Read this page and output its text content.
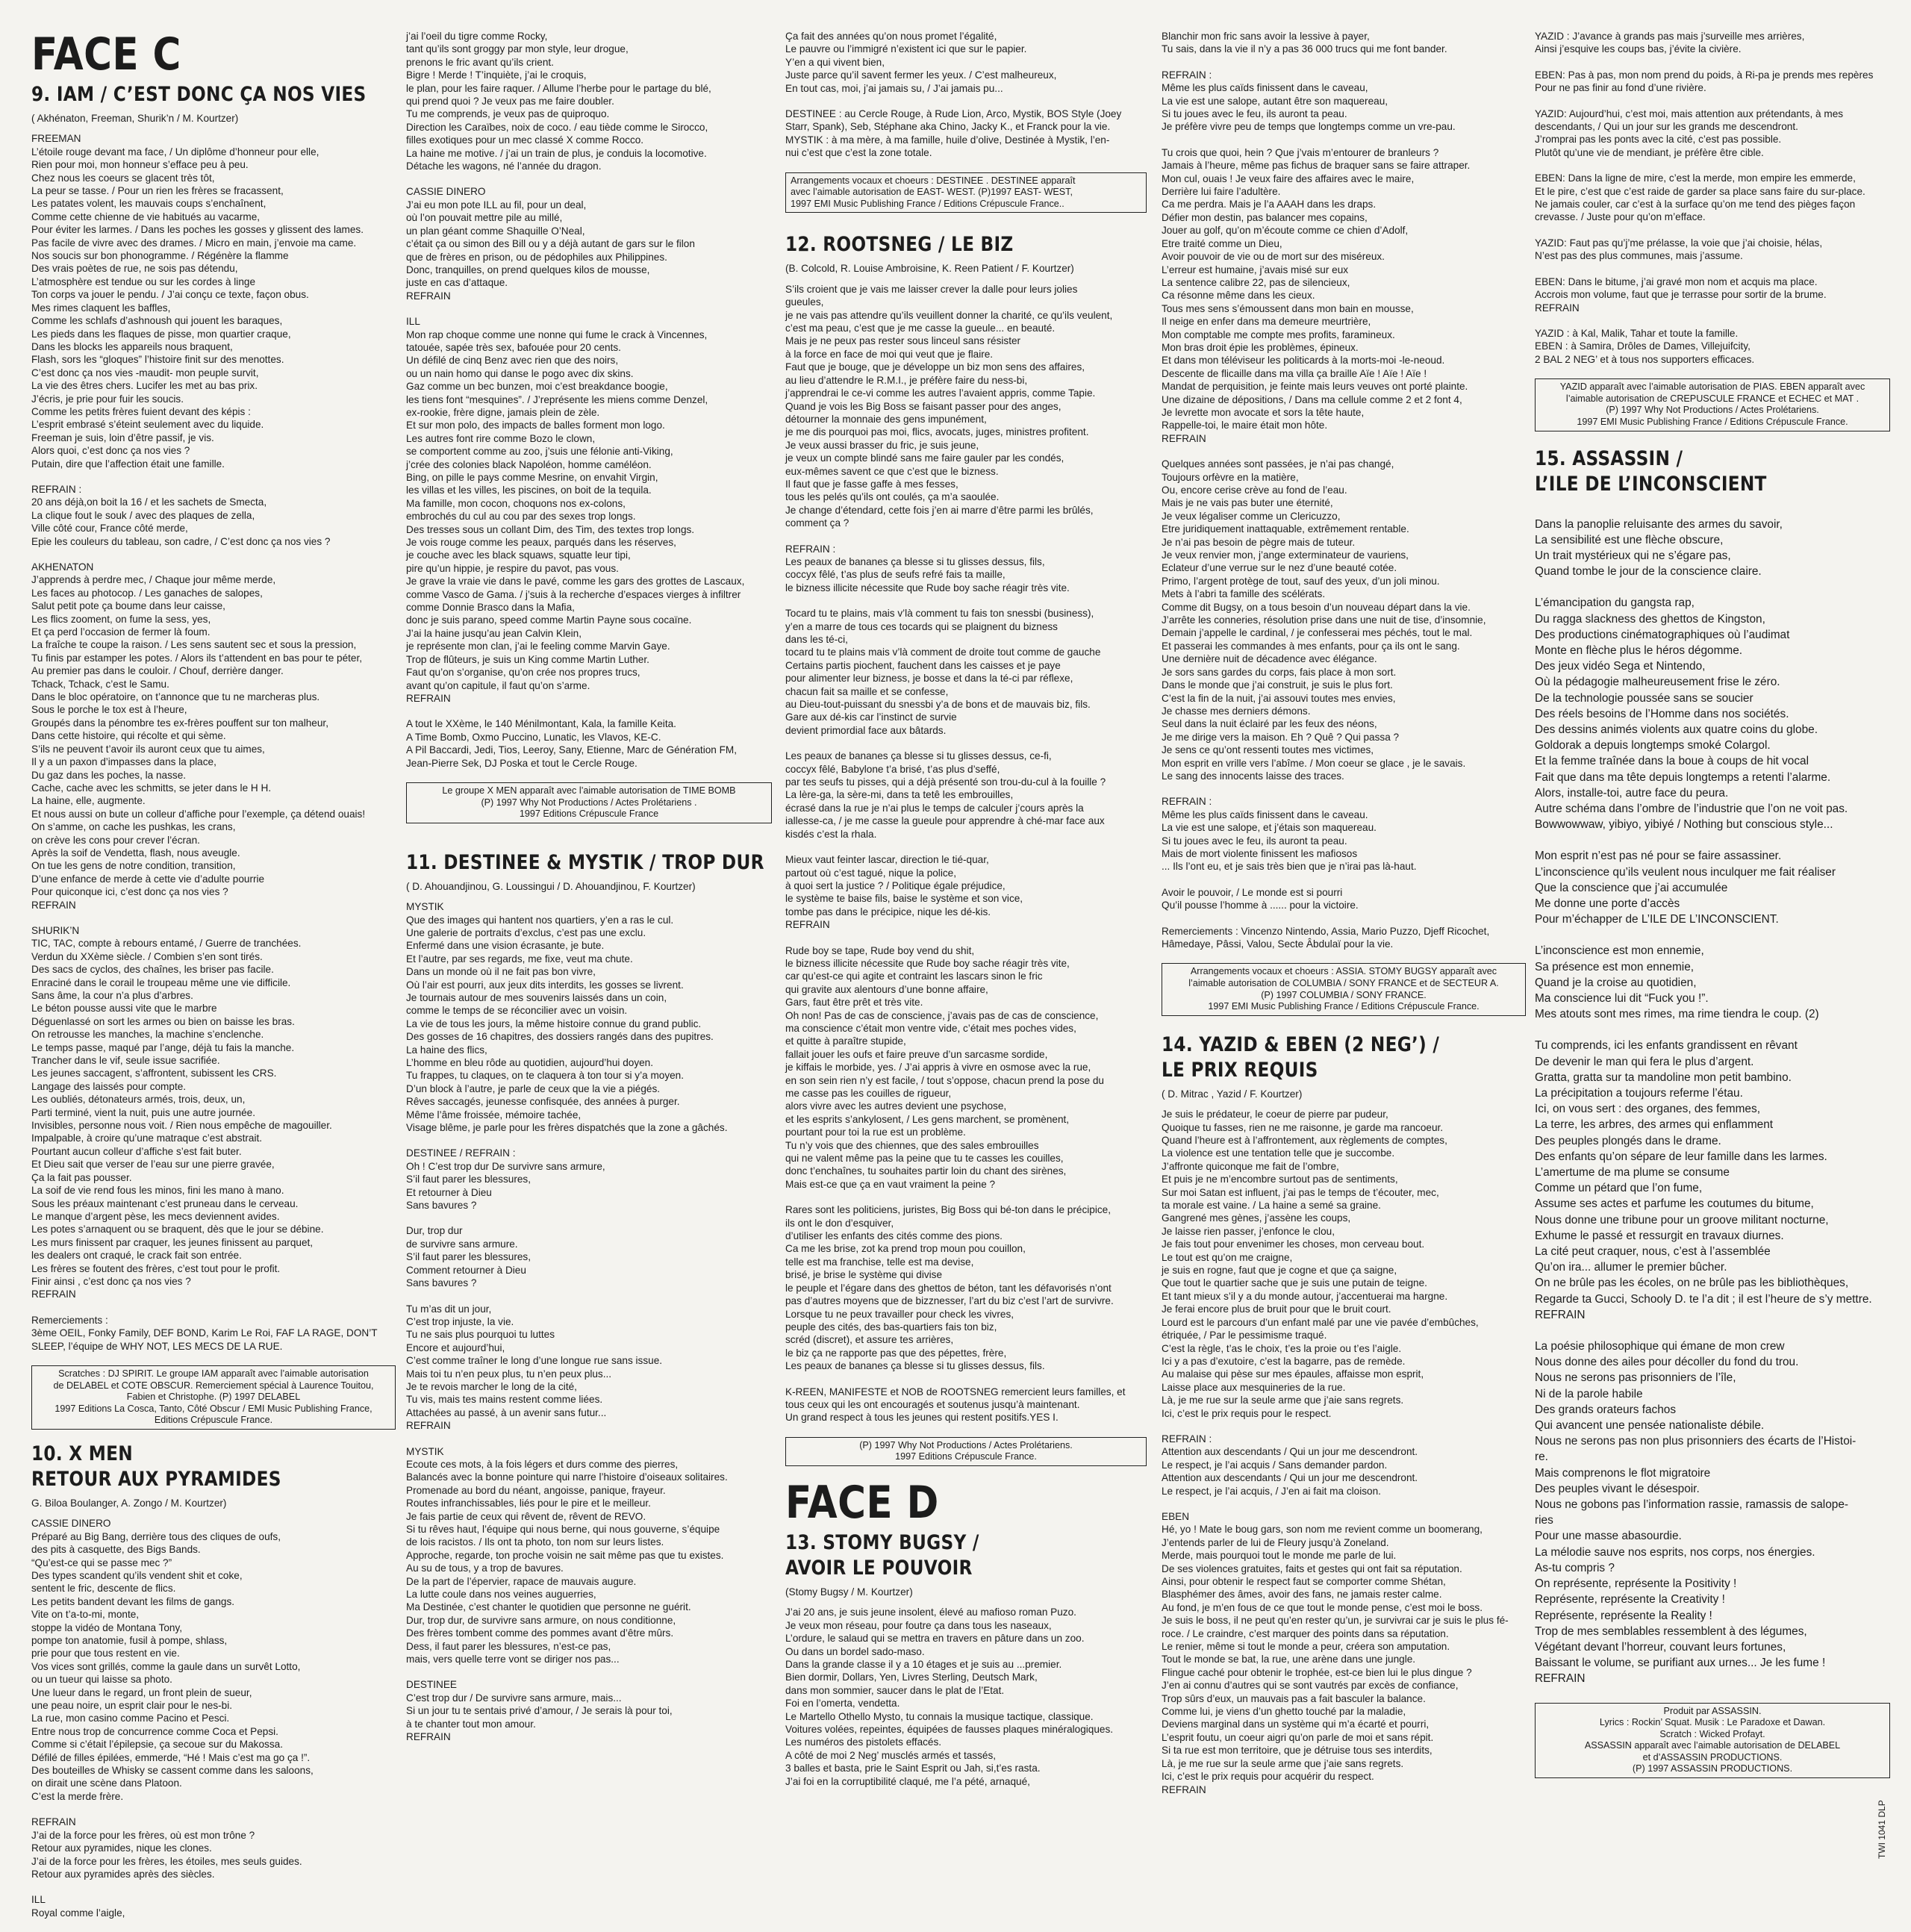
FACE C
9. IAM / C’EST DONC ÇA NOS VIES
( Akhénaton, Freeman, Shurik’n / M. Kourtzer)
FREEMAN
L’étoile rouge devant ma face, / Un diplôme d’honneur pour elle,
Rien pour moi, mon honneur s’efface peu à peu.
Chez nous les coeurs se glacent très tôt,
La peur se tasse. / Pour un rien les frères se fracassent,
Les patates volent, les mauvais coups s’enchaînent,
Comme cette chienne de vie habitués au vacarme,
Pour éviter les larmes. / Dans les poches les gosses y glissent des lames.
Pas facile de vivre avec des drames. / Micro en main, j’envoie ma came.
Nos soucis sur bon phonogramme. / Régénère la flamme
Des vrais poètes de rue, ne sois pas détendu,
L’atmosphère est tendue ou sur les cordes à linge
Ton corps va jouer le pendu. / J’ai conçu ce texte, façon obus.
Mes rimes claquent les baffles,
Comme les schlafs d’ashnoush qui jouent les baraques,
Les pieds dans les flaques de pisse, mon quartier craque,
Dans les blocks les appareils nous braquent,
Flash, sors les “gloques” l’histoire finit sur des menottes.
C’est donc ça nos vies -maudit- mon peuple survit,
La vie des êtres chers. Lucifer les met au bas prix.
J’écris, je prie pour fuir les soucis.
Comme les petits frères fuient devant des képis :
L’esprit embrasé s’éteint seulement avec du liquide.
Freeman je suis, loin d’être passif, je vis.
Alors quoi, c’est donc ça nos vies ?
Putain, dire que l’affection était une famille.
REFRAIN :
20 ans déjà,on boit la 16 / et les sachets de Smecta,
La clique fout le souk / avec des plaques de zella,
Ville côté cour, France côté merde,
Epie les couleurs du tableau, son cadre, / C’est donc ça nos vies ?
AKHENATON
J’apprends à perdre mec, / Chaque jour même merde,
Les faces au photocop. / Les ganaches de salopes,
Salut petit pote ça boume dans leur caisse,
Les flics zooment, on fume la sess, yes,
Et ça perd l’occasion de fermer là foum.
La fraîche te coupe la raison. / Les sens sautent sec et sous la pression,
Tu finis par estamper les potes. / Alors ils t’attendent en bas pour te péter,
Au premier pas dans le couloir. / Chouf, derrière danger.
Tchack, Tchack, c’est le Samu.
Dans le bloc opératoire, on t’annonce que tu ne marcheras plus.
Sous le porche le tox est à l’heure,
Groupés dans la pénombre tes ex-frères pouffent sur ton malheur,
Dans cette histoire, qui récolte et qui sème.
S’ils ne peuvent t’avoir ils auront ceux que tu aimes,
Il y a un paxon d’impasses dans la place,
Du gaz dans les poches, la nasse.
Cache, cache avec les schmitts, se jeter dans le H H.
La haine, elle, augmente.
Et nous aussi on bute un colleur d’affiche pour l’exemple, ça détend ouais!
On s’amme, on cache les pushkas, les crans,
on crève les cons pour crever l’écran.
Après la soif de Vendetta, flash, nous aveugle.
On tue les gens de notre condition, transition,
D’une enfance de merde à cette vie d’adulte pourrie
Pour quiconque ici, c’est donc ça nos vies ?
REFRAIN
SHURIK’N
TIC, TAC, compte à rebours entamé, / Guerre de tranchées.
Verdun du XXème siècle. / Combien s’en sont tirés.
Des sacs de cyclos, des chaînes, les briser pas facile.
Enraciné dans le corail le troupeau même une vie difficile.
Sans âme, la cour n’a plus d’arbres.
Le béton pousse aussi vite que le marbre
Déguenlassé on sort les armes ou bien on baisse les bras.
On retrousse les manches, la machine s’enclenche.
Le temps passe, maqué par l’ange, déjà tu fais la manche.
Trancher dans le vif, seule issue sacrifiée.
Les jeunes saccagent, s’affrontent, subissent les CRS.
Langage des laissés pour compte.
Les oubliés, détonateurs armés, trois, deux, un,
Parti terminé, vient la nuit, puis une autre journée.
Invisibles, personne nous voit. / Rien nous empêche de magouiller.
Impalpable, à croire qu’une matraque c’est abstrait.
Pourtant aucun colleur d’affiche s’est fait buter.
Et Dieu sait que verser de l’eau sur une pierre gravée,
Ça la fait pas pousser.
La soif de vie rend fous les minos, fini les mano à mano.
Sous les préaux maintenant c’est pruneau dans le cerveau.
Le manque d’argent pèse, les mecs deviennent avides.
Les potes s’arnaquent ou se braquent, dès que le jour se débine.
Les murs finissent par craquer, les jeunes finissent au parquet,
les dealers ont craqué, le crack fait son entrée.
Les frères se foutent des frères, c’est tout pour le profit.
Finir ainsi , c’est donc ça nos vies ?
REFRAIN
Remerciements :
3ème OEIL, Fonky Family, DEF BOND, Karim Le Roi, FAF LA RAGE, DON’T
SLEEP, l’équipe de WHY NOT, LES MECS DE LA RUE.
Scratches : DJ SPIRIT. Le groupe IAM apparaît avec l’aimable autorisation
de DELABEL et COTE OBSCUR. Remerciement spécial à Laurence Touitou,
Fabien et Christophe. (P) 1997 DELABEL
1997 Editions La Cosca, Tanto, Côté Obscur / EMI Music Publishing France,
Editions Crépuscule France.
10. X MEN
RETOUR AUX PYRAMIDES
G. Biloa Boulanger, A. Zongo / M. Kourtzer)
CASSIE DINERO
Préparé au Big Bang, derrière tous des cliques de oufs,
des pits à casquette, des Bigs Bands.
“Qu’est-ce qui se passe mec ?”
Des types scandent qu’ils vendent shit et coke,
sentent le fric, descente de flics.
Les petits bandent devant les films de gangs.
Vite on t’a-to-mi, monte,
stoppe la vidéo de Montana Tony,
pompe ton anatomie, fusil à pompe, shlass,
prie pour que tous restent en vie.
Vos vices sont grillés, comme la gaule dans un survêt Lotto,
ou un tueur qui laisse sa photo.
Une lueur dans le regard, un front plein de sueur,
une peau noire, un esprit clair pour le nes-bi.
La rue, mon casino comme Pacino et Pesci.
Entre nous trop de concurrence comme Coca et Pepsi.
Comme si c’était l’épilepsie, ça secoue sur du Makossa.
Défilé de filles épilées, emmerde, “Hé ! Mais c’est ma go ça !”.
Des bouteilles de Whisky se cassent comme dans les saloons,
on dirait une scène dans Platoon.
C’est la merde frère.
REFRAIN
J’ai de la force pour les frères, où est mon trône ?
Retour aux pyramides, nique les clones.
J’ai de la force pour les frères, les étoiles, mes seuls guides.
Retour aux pyramides après des siècles.
ILL
Royal comme l’aigle,
j’ai l’oeil du tigre comme Rocky,
tant qu’ils sont groggy par mon style, leur drogue,
prenons le fric avant qu’ils crient.
Bigre ! Merde ! T’inquiète, j’ai le croquis,
le plan, pour les faire raquer. / Allume l’herbe pour le partage du blé,
qui prend quoi ? Je veux pas me faire doubler.
Tu me comprends, je veux pas de quiproquo.
Direction les Caraïbes, noix de coco. / eau tiède comme le Sirocco,
filles exotiques pour un mec classé X comme Rocco.
La haine me motive. / j’ai un train de plus, je conduis la locomotive.
Détache les wagons, né l’année du dragon.
CASSIE DINERO
J’ai eu mon pote ILL au fil, pour un deal,
où l’on pouvait mettre pile au millé,
un plan géant comme Shaquille O’Neal,
c’était ça ou simon des Bill ou y a déjà autant de gars sur le filon
que de frères en prison, ou de pédophiles aux Philippines.
Donc, tranquilles, on prend quelques kilos de mousse,
juste en cas d’attaque.
REFRAIN
ILL
Mon rap choque comme une nonne qui fume le crack à Vincennes,
tatouée, sapée très sex, bafouée pour 20 cents.
Un défilé de cinq Benz avec rien que des noirs,
ou un nain homo qui danse le pogo avec dix skins.
Gaz comme un bec bunzen, moi c’est breakdance boogie,
les tiens font “mesquines”. / J’représente les miens comme Denzel,
ex-rookie, frère digne, jamais plein de zèle.
Et sur mon polo, des impacts de balles forment mon logo.
Les autres font rire comme Bozo le clown,
se comportent comme au zoo, j’suis une félonie anti-Viking,
j’crée des colonies black Napoléon, homme caméléon.
Bing, on pille le pays comme Mesrine, on envahit Virgin,
les villas et les villes, les piscines, on boit de la tequila.
Ma famille, mon cocon, choquons nos ex-colons,
embrochés du cul au cou par des sexes trop longs.
Des tresses sous un collant Dim, des Tim, des textes trop longs.
Je vois rouge comme les peaux, parqués dans les réserves,
je couche avec les black squaws, squatte leur tipi,
pire qu’un hippie, je respire du pavot, pas vous.
Je grave la vraie vie dans le pavé, comme les gars des grottes de Lascaux,
comme Vasco de Gama. / j’suis à la recherche d’espaces vierges à infiltrer
comme Donnie Brasco dans la Mafia,
donc je suis parano, speed comme Martin Payne sous cocaïne.
J’ai la haine jusqu’au jean Calvin Klein,
je représente mon clan, j’ai le feeling comme Marvin Gaye.
Trop de flûteurs, je suis un King comme Martin Luther.
Faut qu’on s’organise, qu’on crée nos propres trucs,
avant qu’on capitule, il faut qu’on s’arme.
REFRAIN
A tout le XXème, le 140 Ménilmontant, Kala, la famille Keita.
A Time Bomb, Oxmo Puccino, Lunatic, les Vlavos, KE-C.
A Pil Baccardi, Jedi, Tios, Leeroy, Sany, Etienne, Marc de Génération FM,
Jean-Pierre Sek, DJ Poska et tout le Cercle Rouge.
Le groupe X MEN apparaît avec l’aimable autorisation de TIME BOMB
(P) 1997 Why Not Productions / Actes Prolétariens .
1997 Editions Crépuscule France
11. DESTINEE & MYSTIK / TROP DUR
( D. Ahouandjinou, G. Loussingui / D. Ahouandjinou, F. Kourtzer)
MYSTIK
Que des images qui hantent nos quartiers, y’en a ras le cul.
Une galerie de portraits d’exclus, c’est pas une exclu.
Enfermé dans une vision écrasante, je bute.
Et l’autre, par ses regards, me fixe, veut ma chute.
Dans un monde où il ne fait pas bon vivre,
Où l’air est pourri, aux jeux dits interdits, les gosses se livrent.
Je tournais autour de mes souvenirs laissés dans un coin,
comme le temps de se réconcilier avec un voisin.
La vie de tous les jours, la même histoire connue du grand public.
Des gosses de 16 chapitres, des dossiers rangés dans des pupitres.
La haine des flics,
L’homme en bleu rôde au quotidien, aujourd’hui doyen.
Tu frappes, tu claques, on te claquera à ton tour si y’a moyen.
D’un block à l’autre, je parle de ceux que la vie a piégés.
Rêves saccagés, jeunesse confisquée, des années à purger.
Même l’âme froissée, mémoire tachée,
Visage blême, je parle pour les frères dispatchés que la zone a gâchés.
DESTINEE / REFRAIN :
Oh ! C’est trop dur De survivre sans armure,
S’il faut parer les blessures,
Et retourner à Dieu
Sans bavures ?
Dur, trop dur
de survivre sans armure.
S’il faut parer les blessures,
Comment retourner à Dieu
Sans bavures ?
Tu m’as dit un jour,
C’est trop injuste, la vie.
Tu ne sais plus pourquoi tu luttes
Encore et aujourd’hui,
C’est comme traîner le long d’une longue rue sans issue.
Mais toi tu n’en peux plus, tu n’en peux plus...
Je te revois marcher le long de la cité,
Tu vis, mais tes mains restent comme liées.
Attachées au passé, à un avenir sans futur...
REFRAIN
MYSTIK
Ecoute ces mots, à la fois légers et durs comme des pierres,
Balancés avec la bonne pointure qui narre l’histoire d’oiseaux solitaires.
Promenade au bord du néant, angoisse, panique, frayeur.
Routes infranchissables, liés pour le pire et le meilleur.
Je fais partie de ceux qui rêvent de, rêvent de REVO.
Si tu rêves haut, l’équipe qui nous berne, qui nous gouverne, s’équipe
de lois racistos. / Ils ont ta photo, ton nom sur leurs listes.
Approche, regarde, ton proche voisin ne sait même pas que tu existes.
Au su de tous, y a trop de bavures.
De la part de l’épervier, rapace de mauvais augure.
La lutte coule dans nos veines auguerries,
Ma Destinée, c’est chanter le quotidien que personne ne guérit.
Dur, trop dur, de survivre sans armure, on nous conditionne,
Des frères tombent comme des pommes avant d’être mûrs.
Dess, il faut parer les blessures, n’est-ce pas,
mais, vers quelle terre vont se diriger nos pas...
DESTINEE
C’est trop dur / De survivre sans armure, mais...
Si un jour tu te sentais privé d’amour, / Je serais là pour toi,
à te chanter tout mon amour.
REFRAIN
Ça fait des années qu’on nous promet l’égalité,
Le pauvre ou l’immigré n’existent ici que sur le papier.
Y’en a qui vivent bien,
Juste parce qu’il savent fermer les yeux. / C’est malheureux,
En tout cas, moi, j’ai jamais su, / J’ai jamais pu...
DESTINEE : au Cercle Rouge, à Rude Lion, Arco, Mystik, BOS Style (Joey
Starr, Spank), Seb, Stéphane aka Chino, Jacky K., et Franck pour la vie.
MYSTIK : à ma mère, à ma famille, huile d’olive, Destinée à Mystik, l’en-
nui c’est que c’est la zone totale.
Arrangements vocaux et choeurs : DESTINEE . DESTINEE apparaît
avec l’aimable autorisation de EAST- WEST. (P)1997 EAST- WEST,
1997 EMI Music Publishing France / Editions Crépuscule France..
12. ROOTSNEG / LE BIZ
(B. Colcold, R. Louise Ambroisine, K. Reen Patient / F. Kourtzer)
S’ils croient que je vais me laisser crever la dalle pour leurs jolies
gueules,
je ne vais pas attendre qu’ils veuillent donner la charité, ce qu’ils veulent,
c’est ma peau, c’est que je me casse la gueule... en beauté.
Mais je ne peux pas rester sous linceul sans résister
à la force en face de moi qui veut que je flaire.
Faut que je bouge, que je développe un biz mon sens des affaires,
au lieu d’attendre le R.M.I., je préfère faire du ness-bi,
j’apprendrai le ce-vi comme les autres l’avaient appris, comme Tapie.
Quand je vois les Big Boss se faisant passer pour des anges,
détourner la monnaie des gens impunément,
je me dis pourquoi pas moi, flics, avocats, juges, ministres profitent.
Je veux aussi brasser du fric, je suis jeune,
je veux un compte blindé sans me faire gauler par les condés,
eux-mêmes savent ce que c’est que le bizness.
Il faut que je fasse gaffe à mes fesses,
tous les pelés qu’ils ont coulés, ça m’a saoulée.
Je change d’étendard, cette fois j’en ai marre d’être parmi les brûlés,
comment ça ?
REFRAIN :
Les peaux de bananes ça blesse si tu glisses dessus, fils,
coccyx fêlé, t’as plus de seufs refré fais ta maille,
le bizness illicite nécessite que Rude boy sache réagir très vite.
Tocard tu te plains, mais v’là comment tu fais ton snessbi (business),
y’en a marre de tous ces tocards qui se plaignent du bizness
dans les té-ci,
tocard tu te plains mais v’là comment de droite tout comme de gauche
Certains partis piochent, fauchent dans les caisses et je paye
pour alimenter leur bizness, je bosse et dans la té-ci par réflexe,
chacun fait sa maille et se confesse,
au Dieu-tout-puissant du snessbi y’a de bons et de mauvais biz, fils.
Gare aux dé-kis car l’instinct de survie
devient primordial face aux bâtards.
Les peaux de bananes ça blesse si tu glisses dessus, ce-fi,
coccyx fêlé, Babylone t’a brisé, t’as plus d’seffé,
par tes seufs tu pisses, qui a déjà présenté son trou-du-cul à la fouille ?
La lère-ga, la sère-mi, dans ta tetê les embrouilles,
écrasé dans la rue je n’ai plus le temps de calculer j’cours après la
iallesse-ca, / je me casse la gueule pour apprendre à ché-mar face aux
kisdés c’est la rhala.
Mieux vaut feinter lascar, direction le tié-quar,
partout où c’est tagué, nique la police,
à quoi sert la justice ? / Politique égale préjudice,
le système te baise fils, baise le système et son vice,
tombe pas dans le précipice, nique les dé-kis.
REFRAIN
Rude boy se tape, Rude boy vend du shit,
le bizness illicite nécessite que Rude boy sache réagir très vite,
car qu’est-ce qui agite et contraint les lascars sinon le fric
qui gravite aux alentours d’une bonne affaire,
Gars, faut être prêt et très vite.
Oh non! Pas de cas de conscience, j’avais pas de cas de conscience,
ma conscience c’était mon ventre vide, c’était mes poches vides,
et quitte à paraître stupide,
fallait jouer les oufs et faire preuve d’un sarcasme sordide,
je kiffais le morbide, yes. / J’ai appris à vivre en osmose avec la rue,
en son sein rien n’y est facile, / tout s’oppose, chacun prend la pose du
me casse pas les couilles de rigueur,
alors vivre avec les autres devient une psychose,
et les esprits s’ankylosent, / Les gens marchent, se promènent,
pourtant pour toi la rue est un problème.
Tu n’y vois que des chiennes, que des sales embrouilles
qui ne valent même pas la peine que tu te casses les couilles,
donc t’enchaînes, tu souhaites partir loin du chant des sirènes,
Mais est-ce que ça en vaut vraiment la peine ?
Rares sont les politiciens, juristes, Big Boss qui bé-ton dans le précipice,
ils ont le don d’esquiver,
d’utiliser les enfants des cités comme des pions.
Ca me les brise, zot ka prend trop moun pou couillon,
telle est ma franchise, telle est ma devise,
brisé, je brise le système qui divise
le peuple et l’égare dans des ghettos de béton, tant les défavorisés n’ont
pas d’autres moyens que de bizznesser, l’art du biz c’est l’art de survivre.
Lorsque tu ne peux travailler pour check les vivres,
peuple des cités, des bas-quartiers fais ton biz,
scréd (discret), et assure tes arrières,
le biz ça ne rapporte pas que des pépettes, frère,
Les peaux de bananes ça blesse si tu glisses dessus, fils.
K-REEN, MANIFESTE et NOB de ROOTSNEG remercient leurs familles, et
tous ceux qui les ont encouragés et soutenus jusqu’à maintenant.
Un grand respect à tous les jeunes qui restent positifs.YES I.
(P) 1997 Why Not Productions / Actes Prolétariens.
1997 Editions Crépuscule France.
FACE D
13. STOMY BUGSY /
AVOIR LE POUVOIR
(Stomy Bugsy / M. Kourtzer)
J’ai 20 ans, je suis jeune insolent, élevé au mafioso roman Puzo.
Je veux mon réseau, pour foutre ça dans tous les naseaux,
L’ordure, le salaud qui se mettra en travers en pâture dans un zoo.
Ou dans un bordel sado-maso.
Dans la grande classe il y a 10 étages et je suis au ...premier.
Bien dormir, Dollars, Yen, Livres Sterling, Deutsch Mark,
dans mon sommier, saucer dans le plat de l’Etat.
Foi en l’omerta, vendetta.
Le Martello Othello Mysto, tu connais la musique tactique, classique.
Voitures volées, repeintes, équipées de fausses plaques minéralogiques.
Les numéros des pistolets effacés.
A côté de moi 2 Neg’ musclés armés et tassés,
3 balles et basta, prie le Saint Esprit ou Jah, si,t’es rasta.
J’ai foi en la corruptibilité claqué, me l’a pété, arnaqué,
Blanchir mon fric sans avoir la lessive à payer,
Tu sais, dans la vie il n’y a pas 36 000 trucs qui me font bander.
REFRAIN :
Même les plus caïds finissent dans le caveau,
La vie est une salope, autant être son maquereau,
Si tu joues avec le feu, ils auront ta peau.
Je préfère vivre peu de temps que longtemps comme un vre-pau.
Tu crois que quoi, hein ? Que j’vais m’entourer de branleurs ?
Jamais à l’heure, même pas fichus de braquer sans se faire attraper.
Mon cul, ouais ! Je veux faire des affaires avec le maire,
Derrière lui faire l’adultère.
Ca me perdra. Mais je l’a AAAH dans les draps.
Défier mon destin, pas balancer mes copains,
Jouer au golf, qu’on m’écoute comme ce chien d’Adolf,
Etre traité comme un Dieu,
Avoir pouvoir de vie ou de mort sur des miséreux.
L’erreur est humaine, j’avais misé sur eux
La sentence calibre 22, pas de silencieux,
Ca résonne même dans les cieux.
Tous mes sens s’émoussent dans mon bain en mousse,
Il neige en enfer dans ma demeure meurtrière,
Mon comptable me compte mes profits, faramineux.
Mon bras droit épie les problèmes, épineux.
Et dans mon téléviseur les politicards à la morts-moi -le-neoud.
Descente de flicaille dans ma villa ça braille Aïe ! Aïe ! Aïe !
Mandat de perquisition, je feinte mais leurs veuves ont porté plainte.
Une dizaine de dépositions, / Dans ma cellule comme 2 et 2 font 4,
Je levrette mon avocate et sors la tête haute,
Rappelle-toi, le maire était mon hôte.
REFRAIN
Quelques années sont passées, je n’ai pas changé,
Toujours orfèvre en la matière,
Ou, encore cerise crève au fond de l’eau.
Mais je ne vais pas buter une éternité,
Je veux légaliser comme un Clericuzzo,
Etre juridiquement inattaquable, extrêmement rentable.
Je n’ai pas besoin de pègre mais de tuteur.
Je veux renvier mon, j’ange exterminateur de vauriens,
Eclateur d’une verrue sur le nez d’une beauté cotée.
Primo, l’argent protège de tout, sauf des yeux, d’un joli minou.
Mets à l’abri ta famille des scélérats.
Comme dit Bugsy, on a tous besoin d’un nouveau départ dans la vie.
J’arrête les conneries, résolution prise dans une nuit de tise, d’insomnie,
Demain j’appelle le cardinal, / je confesserai mes péchés, tout le mal.
Et passerai les commandes à mes enfants, pour ça ils ont le sang.
Une dernière nuit de décadence avec élégance.
Je sors sans gardes du corps, fais place à mon sort.
Dans le monde que j’ai construit, je suis le plus fort.
C’est la fin de la nuit, j’ai assouvi toutes mes envies,
Je chasse mes derniers démons.
Seul dans la nuit éclairé par les feux des néons,
Je me dirige vers la maison. Eh ? Quê ? Qui passa ?
Je sens ce qu’ont ressenti toutes mes victimes,
Mon esprit en vrille vers l’abîme. / Mon coeur se glace , je le savais.
Le sang des innocents laisse des traces.
REFRAIN :
Même les plus caïds finissent dans le caveau.
La vie est une salope, et j’étais son maquereau.
Si tu joues avec le feu, ils auront ta peau.
Mais de mort violente finissent les mafiosos
... Ils l’ont eu, et je sais très bien que je n’irai pas là-haut.
Avoir le pouvoir, / Le monde est si pourri
Qu’il pousse l’homme à ...... pour la victoire.
Remerciements : Vincenzo Nintendo, Assia, Mario Puzzo, Djeff Ricochet,
Hâmedaye, Pâssi, Valou, Secte Âbdulaï pour la vie.
Arrangements vocaux et choeurs : ASSIA. STOMY BUGSY apparaît avec
l’aimable autorisation de COLUMBIA / SONY FRANCE et de SECTEUR A.
(P) 1997 COLUMBIA / SONY FRANCE.
1997 EMI Music Publishing France / Editions Crépuscule France.
14. YAZID & EBEN (2 NEG’) /
LE PRIX REQUIS
( D. Mitrac , Yazid / F. Kourtzer)
Je suis le prédateur, le coeur de pierre par pudeur,
Quoique tu fasses, rien ne me raisonne, je garde ma rancoeur.
Quand l’heure est à l’affrontement, aux règlements de comptes,
La violence est une tentation telle que je succombe.
J’affronte quiconque me fait de l’ombre,
Et puis je ne m’encombre surtout pas de sentiments,
Sur moi Satan est influent, j’ai pas le temps de t’écouter, mec,
ta morale est vaine. / La haine a semé sa graine.
Gangrené mes gènes, j’assène les coups,
Je laisse rien passer, j’enfonce le clou,
Je fais tout pour envenimer les choses, mon cerveau bout.
Le tout est qu’on me craigne,
je suis en rogne, faut que je cogne et que ça saigne,
Que tout le quartier sache que je suis une putain de teigne.
Et tant mieux s’il y a du monde autour, j’accentuerai ma hargne.
Je ferai encore plus de bruit pour que le bruit court.
Lourd est le parcours d’un enfant malé par une vie pavée d’embûches,
étriquée, / Par le pessimisme traqué.
C’est la règle, t’as le choix, t’es la proie ou t’es l’aigle.
Ici y a pas d’exutoire, c’est la bagarre, pas de remède.
Au malaise qui pèse sur mes épaules, affaisse mon esprit,
Laisse place aux mesquineries de la rue.
Là, je me rue sur la seule arme que j’aie sans regrets.
Ici, c’est le prix requis pour le respect.
REFRAIN :
Attention aux descendants / Qui un jour me descendront.
Le respect, je l’ai acquis / Sans demander pardon.
Attention aux descendants / Qui un jour me descendront.
Le respect, je l’ai acquis, / J’en ai fait ma cloison.
EBEN
Hé, yo ! Mate le boug gars, son nom me revient comme un boomerang,
J’entends parler de lui de Fleury jusqu’à Zoneland.
Merde, mais pourquoi tout le monde me parle de lui.
De ses violences gratuites, faits et gestes qui ont fait sa réputation.
Ainsi, pour obtenir le respect faut se comporter comme Shétan,
Blasphémer des âmes, avoir des fans, ne jamais rester calme.
Au fond, je m’en fous de ce que tout le monde pense, c’est moi le boss.
Je suis le boss, il ne peut qu’en rester qu’un, je survivrai car je suis le plus fé-
roce. / Le craindre, c’est marquer des points dans sa réputation.
Le renier, même si tout le monde a peur, créera son amputation.
Tout le monde se bat, la rue, une arène dans une jungle.
Flingue caché pour obtenir le trophée, est-ce bien lui le plus dingue ?
J’en ai connu d’autres qui se sont vautrés par excès de confiance,
Trop sûrs d’eux, un mauvais pas a fait basculer la balance.
Comme lui, je viens d’un ghetto touché par la maladie,
Deviens marginal dans un système qui m’a écarté et pourri,
L’esprit foutu, un coeur aigri qu’on parle de moi et sans répit.
Si ta rue est mon territoire, que je détruise tous ses interdits,
Là, je me rue sur la seule arme que j’aie sans regrets.
Ici, c’est le prix requis pour acquérir du respect.
REFRAIN
YAZID : J’avance à grands pas mais j’surveille mes arrières,
Ainsi j’esquive les coups bas, j’évite la civière.
EBEN: Pas à pas, mon nom prend du poids, à Ri-pa je prends mes repères
Pour ne pas finir au fond d’une rivière.
YAZID: Aujourd’hui, c’est moi, mais attention aux prétendants, à mes
descendants, / Qui un jour sur les grands me descendront.
J’romprai pas les ponts avec la cité, c’est pas possible.
Plutôt qu’une vie de mendiant, je préfère être cible.
EBEN: Dans la ligne de mire, c’est la merde, mon empire les emmerde,
Et le pire, c’est que c’est raide de garder sa place sans faire du sur-place.
Ne jamais couler, car c’est à la surface qu’on me tend des pièges façon
crevasse. / Juste pour qu’on m’efface.
YAZID: Faut pas qu’j’me prélasse, la voie que j’ai choisie, hélas,
N’est pas des plus communes, mais j’assume.
EBEN: Dans le bitume, j’ai gravé mon nom et acquis ma place.
Accrois mon volume, faut que je terrasse pour sortir de la brume.
REFRAIN
YAZID : à Kal, Malik, Tahar et toute la famille.
EBEN : à Samira, Drôles de Dames, Villejuifcity,
2 BAL 2 NEG’ et à tous nos supporters efficaces.
YAZID apparaît avec l’aimable autorisation de PIAS. EBEN apparaît avec
l’aimable autorisation de CREPUSCULE FRANCE et ECHEC et MAT .
(P) 1997 Why Not Productions / Actes Prolétariens.
1997 EMI Music Publishing France / Editions Crépuscule France.
15. ASSASSIN /
L’ILE DE L’INCONSCIENT
Dans la panoplie reluisante des armes du savoir,
La sensibilité est une flèche obscure,
Un trait mystérieux qui ne s’égare pas,
Quand tombe le jour de la conscience claire.
L’émancipation du gangsta rap,
Du ragga slackness des ghettos de Kingston,
Des productions cinématographiques où l’audimat
Monte en flèche plus le héros dégomme.
Des jeux vidéo Sega et Nintendo,
Où la pédagogie malheureusement frise le zéro.
De la technologie poussée sans se soucier
Des réels besoins de l’Homme dans nos sociétés.
Des dessins animés violents aux quatre coins du globe.
Goldorak a depuis longtemps smoké Colargol.
Et la femme traînée dans la boue à coups de hit vocal
Fait que dans ma tête depuis longtemps a retenti l’alarme.
Alors, installe-toi, autre face du peura.
Autre schéma dans l’ombre de l’industrie que l’on ne voit pas.
Bowwowwaw, yibiyo, yibiyé / Nothing but conscious style...
Mon esprit n’est pas né pour se faire assassiner.
L’inconscience qu’ils veulent nous inculquer me fait réaliser
Que la conscience que j’ai accumulée
Me donne une porte d’accès
Pour m’échapper de L’ILE DE L’INCONSCIENT.
L’inconscience est mon ennemie,
Sa présence est mon ennemie,
Quand je la croise au quotidien,
Ma conscience lui dit “Fuck you !”.
Mes atouts sont mes rimes, ma rime tiendra le coup. (2)
Tu comprends, ici les enfants grandissent en rêvant
De devenir le man qui fera le plus d’argent.
Gratta, gratta sur ta mandoline mon petit bambino.
La précipitation a toujours referme l’étau.
Ici, on vous sert : des organes, des femmes,
La terre, les arbres, des armes qui enflamment
Des peuples plongés dans le drame.
Des enfants qu’on sépare de leur famille dans les larmes.
L’amertume de ma plume se consume
Comme un pétard que l’on fume,
Assume ses actes et parfume les coutumes du bitume,
Nous donne une tribune pour un groove militant nocturne,
Exhume le passé et ressurgit en travaux diurnes.
La cité peut craquer, nous, c’est à l’assemblée
Qu’on ira... allumer le premier bûcher.
On ne brûle pas les écoles, on ne brûle pas les bibliothèques,
Regarde ta Gucci, Schooly D. te l’a dit ; il est l’heure de s’y mettre.
REFRAIN
La poésie philosophique qui émane de mon crew
Nous donne des ailes pour décoller du fond du trou.
Nous ne serons pas prisonniers de l’île,
Ni de la parole habile
Des grands orateurs fachos
Qui avancent une pensée nationaliste débile.
Nous ne serons pas non plus prisonniers des écarts de l’Histoi-
re.
Mais comprenons le flot migratoire
Des peuples vivant le désespoir.
Nous ne gobons pas l’information rassie, ramassis de salope-
ries
Pour une masse abasourdie.
La mélodie sauve nos esprits, nos corps, nos énergies.
As-tu compris ?
On représente, représente la Positivity !
Représente, représente la Creativity !
Représente, représente la Reality !
Trop de mes semblables ressemblent à des légumes,
Végétant devant l’horreur, couvant leurs fortunes,
Baissant le volume, se purifiant aux urnes... Je les fume !
REFRAIN
Produit par ASSASSIN.
Lyrics : Rockin’ Squat. Musik : Le Paradoxe et Dawan.
Scratch : Wicked Profayt.
ASSASSIN apparaît avec l’aimable autorisation de DELABEL
et d’ASSASSIN PRODUCTIONS.
(P) 1997 ASSASSIN PRODUCTIONS.
TWI 1041 DLP
